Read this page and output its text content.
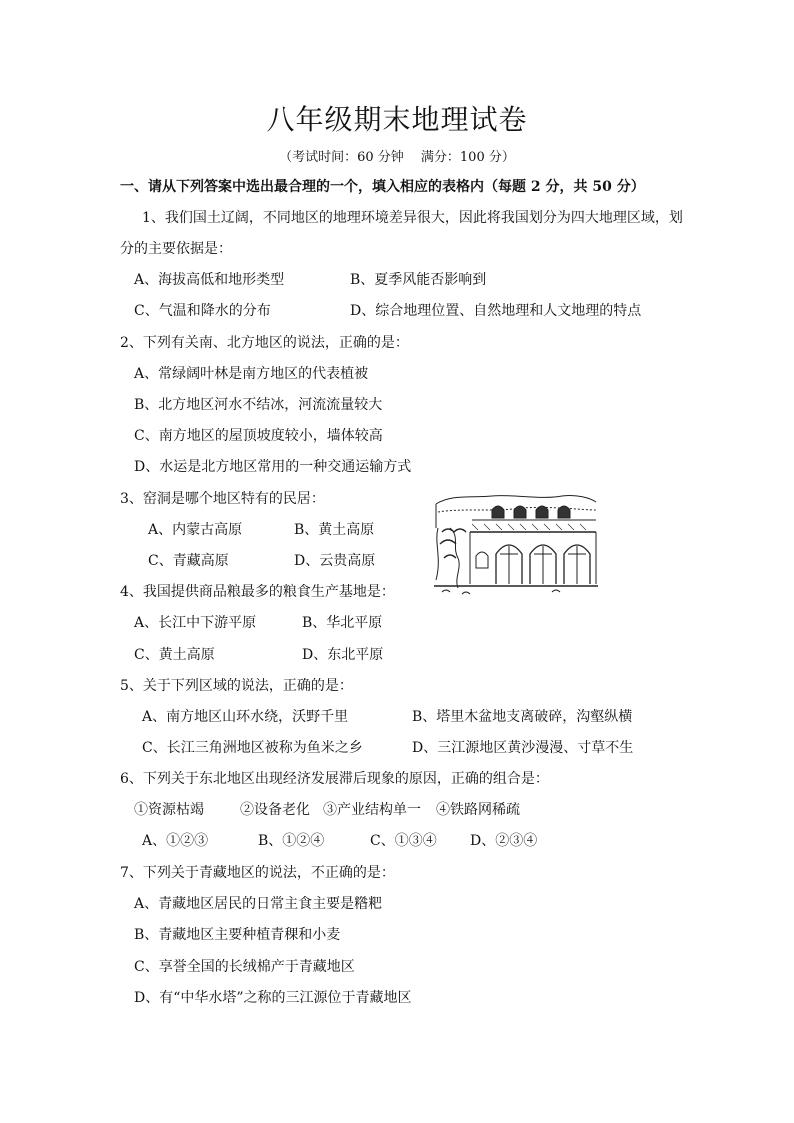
八年级期末地理试卷
（考试时间：60 分钟　 满分：100 分）
一、请从下列答案中选出最合理的一个，填入相应的表格内（每题 2 分，共 50 分）
1、我们国土辽阔，不同地区的地理环境差异很大，因此将我国划分为四大地理区域，划
分的主要依据是：
A、海拔高低和地形类型	B、夏季风能否影响到
C、气温和降水的分布	D、综合地理位置、自然地理和人文地理的特点
2、下列有关南、北方地区的说法，正确的是：
A、常绿阔叶林是南方地区的代表植被
B、北方地区河水不结冰，河流流量较大
C、南方地区的屋顶坡度较小，墙体较高
D、水运是北方地区常用的一种交通运输方式
3、窑洞是哪个地区特有的民居：
A、内蒙古高原	B、黄土高原
C、青藏高原	D、云贵高原
4、我国提供商品粮最多的粮食生产基地是：
A、长江中下游平原	B、华北平原
C、黄土高原	D、东北平原
5、关于下列区域的说法，正确的是：
A、南方地区山环水绕，沃野千里	B、塔里木盆地支离破碎，沟壑纵横
C、长江三角洲地区被称为鱼米之乡	D、三江源地区黄沙漫漫、寸草不生
6、下列关于东北地区出现经济发展滞后现象的原因，正确的组合是：
①资源枯竭	②设备老化 ③产业结构单一 ④铁路网稀疏
A、①②③	B、①②④	C、①③④ D、②③④
7、下列关于青藏地区的说法，不正确的是：
A、青藏地区居民的日常主食主要是糌粑
B、青藏地区主要种植青稞和小麦
C、享誉全国的长绒棉产于青藏地区
D、有“中华水塔”之称的三江源位于青藏地区
